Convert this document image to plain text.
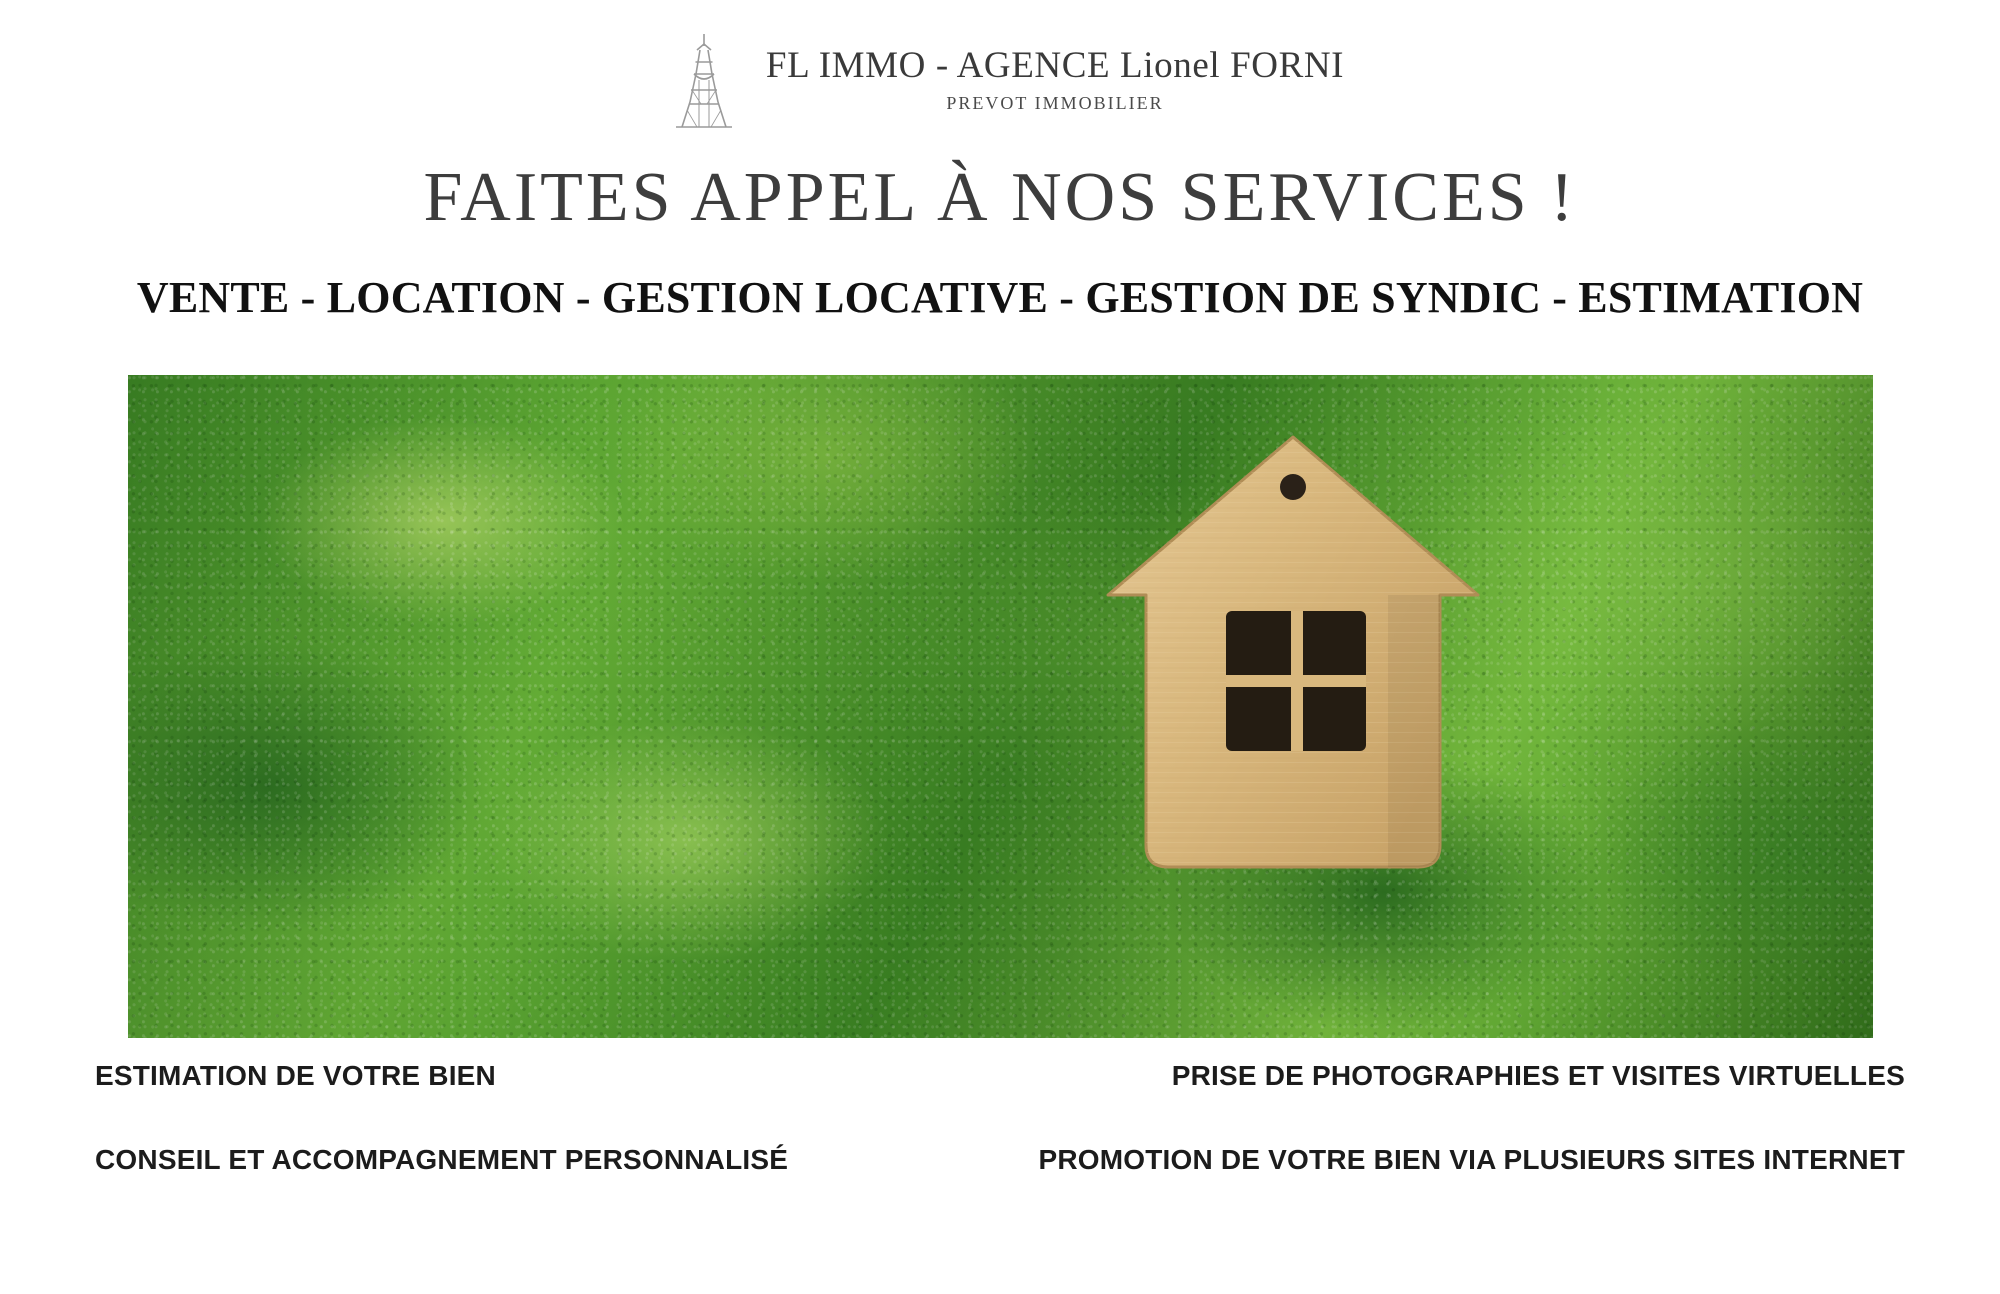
FL IMMO - AGENCE Lionel FORNI
PREVOT IMMOBILIER
FAITES APPEL À NOS SERVICES !
VENTE - LOCATION - GESTION LOCATIVE - GESTION DE SYNDIC - ESTIMATION
ESTIMATION DE VOTRE BIEN	PRISE DE PHOTOGRAPHIES ET VISITES VIRTUELLES
CONSEIL ET ACCOMPAGNEMENT PERSONNALISÉ	PROMOTION DE VOTRE BIEN VIA PLUSIEURS SITES INTERNET
